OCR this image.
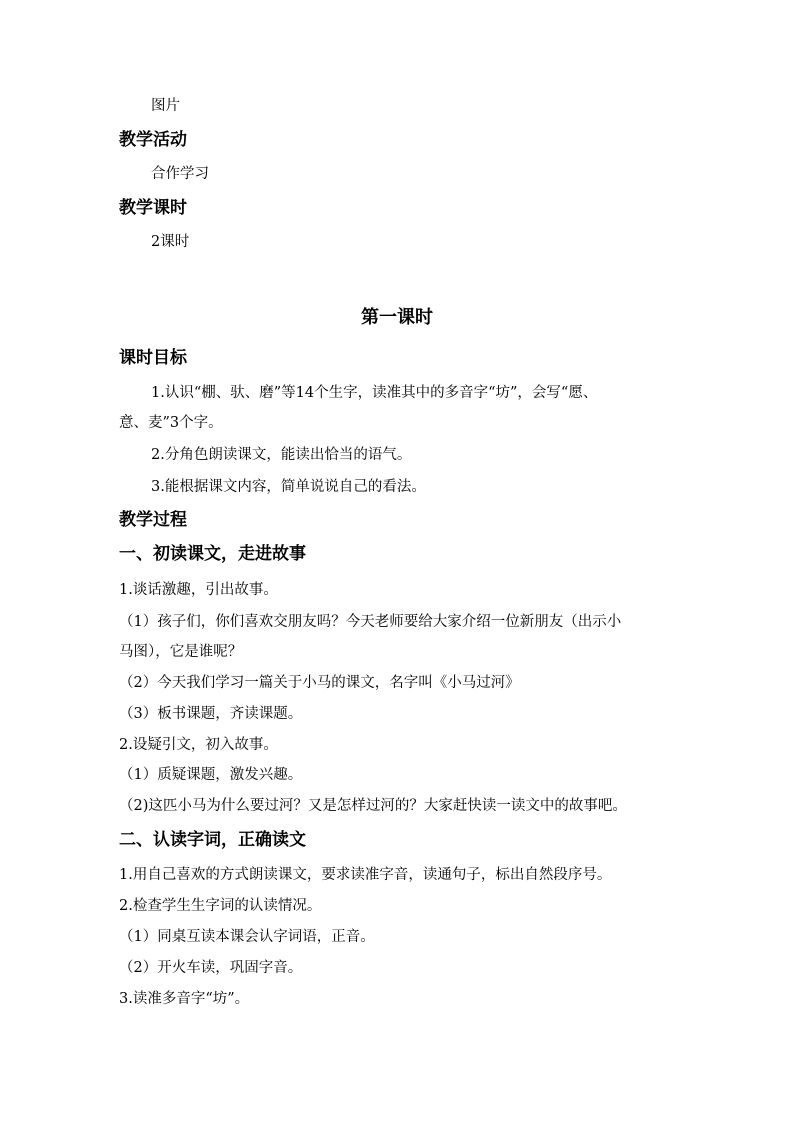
图片
教学活动
合作学习
教学课时
2课时
第一课时
课时目标
1.认识“棚、驮、磨”等14个生字，读准其中的多音字“坊”，会写“愿、
意、麦”3个字。
2.分角色朗读课文，能读出恰当的语气。
3.能根据课文内容，简单说说自己的看法。
教学过程
一、初读课文，走进故事
1.谈话激趣，引出故事。
（1）孩子们，你们喜欢交朋友吗？今天老师要给大家介绍一位新朋友（出示小
马图），它是谁呢？
（2）今天我们学习一篇关于小马的课文，名字叫《小马过河》
（3）板书课题，齐读课题。
2.设疑引文，初入故事。
（1）质疑课题，激发兴趣。
（2)这匹小马为什么要过河？又是怎样过河的？大家赶快读一读文中的故事吧。
二、认读字词，正确读文
1.用自己喜欢的方式朗读课文，要求读准字音，读通句子，标出自然段序号。
2.检查学生生字词的认读情况。
（1）同桌互读本课会认字词语，正音。
（2）开火车读，巩固字音。
3.读准多音字“坊”。
